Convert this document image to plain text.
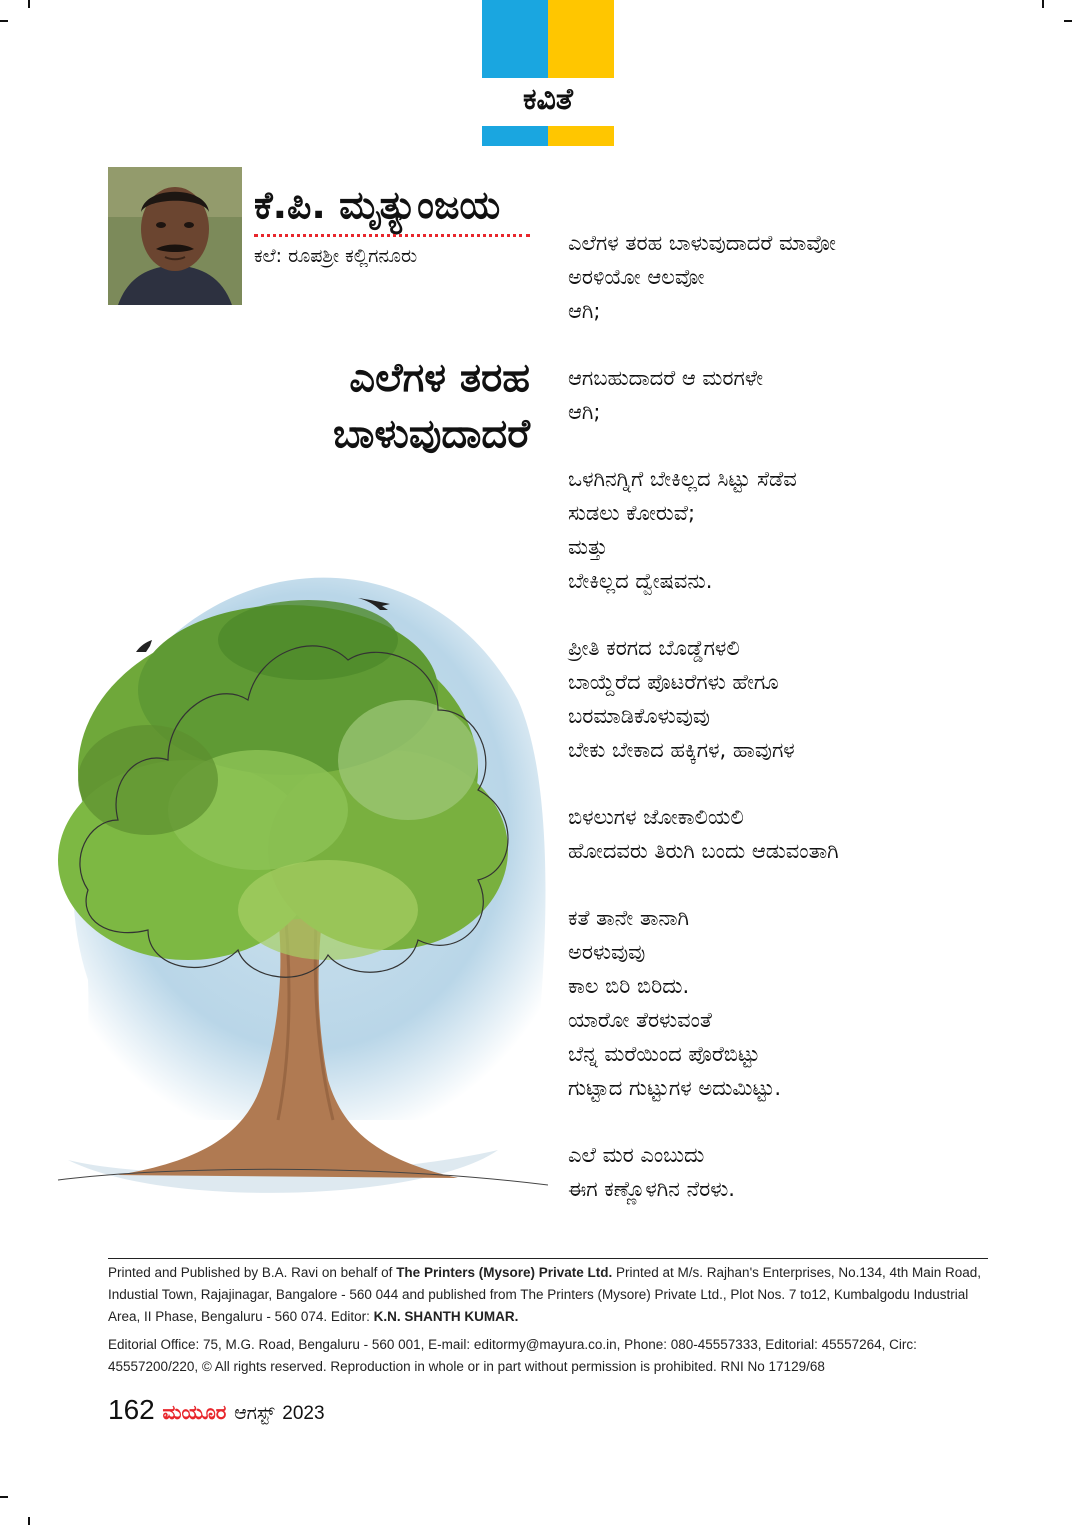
ಕವಿತೆ
ಕೆ.ಪಿ. ಮೃತ್ಯುಂಜಯ
ಕಲೆ: ರೂಪಶ್ರೀ ಕಲ್ಲಿಗನೂರು
ಎಲೆಗಳ ತರಹ
ಬಾಳುವುದಾದರೆ
ಎಲೆಗಳ ತರಹ ಬಾಳುವುದಾದರೆ ಮಾವೋ
ಅರಳಿಯೋ ಆಲವೋ
ಆಗಿ;
ಆಗಬಹುದಾದರೆ ಆ ಮರಗಳೇ
ಆಗಿ;
ಒಳಗಿನಗ್ನಿಗೆ ಬೇಕಿಲ್ಲದ ಸಿಟ್ಟು ಸೆಡೆವ
ಸುಡಲು ಕೋರುವೆ;
ಮತ್ತು
ಬೇಕಿಲ್ಲದ ದ್ವೇಷವನು.
ಪ್ರೀತಿ ಕರಗದ ಬೊಡ್ಡೆಗಳಲಿ
ಬಾಯ್ದೆರೆದ ಪೊಟರೆಗಳು ಹೇಗೂ
ಬರಮಾಡಿಕೊಳುವುವು
ಬೇಕು ಬೇಕಾದ ಹಕ್ಕಿಗಳ, ಹಾವುಗಳ
ಬಿಳಲುಗಳ ಜೋಕಾಲಿಯಲಿ
ಹೋದವರು ತಿರುಗಿ ಬಂದು ಆಡುವಂತಾಗಿ
ಕತೆ ತಾನೇ ತಾನಾಗಿ
ಅರಳುವುವು
ಕಾಲ ಬಿರಿ ಬಿರಿದು.
ಯಾರೋ ತೆರಳುವಂತೆ
ಬೆನ್ನ ಮರೆಯಿಂದ ಪೊರೆಬಿಟ್ಟು
ಗುಟ್ಟಾದ ಗುಟ್ಟುಗಳ ಅದುಮಿಟ್ಟು.
ಎಲೆ ಮರ ಎಂಬುದು
ಈಗ ಕಣ್ಣೊಳಗಿನ ನೆರಳು.
Printed and Published by B.A. Ravi on behalf of The Printers (Mysore) Private Ltd. Printed at M/s. Rajhan's Enterprises, No.134, 4th Main Road, Industial Town, Rajajinagar, Bangalore - 560 044 and published from The Printers (Mysore) Private Ltd., Plot Nos. 7 to12, Kumbalgodu Industrial Area, II Phase, Bengaluru - 560 074. Editor: K.N. SHANTH KUMAR.
Editorial Office: 75, M.G. Road, Bengaluru - 560 001, E-mail: editormy@mayura.co.in, Phone: 080-45557333, Editorial: 45557264, Circ: 45557200/220, © All rights reserved. Reproduction in whole or in part without permission is prohibited. RNI No 17129/68
162 ಮಯೂರ ಆಗಸ್ಟ್ 2023
